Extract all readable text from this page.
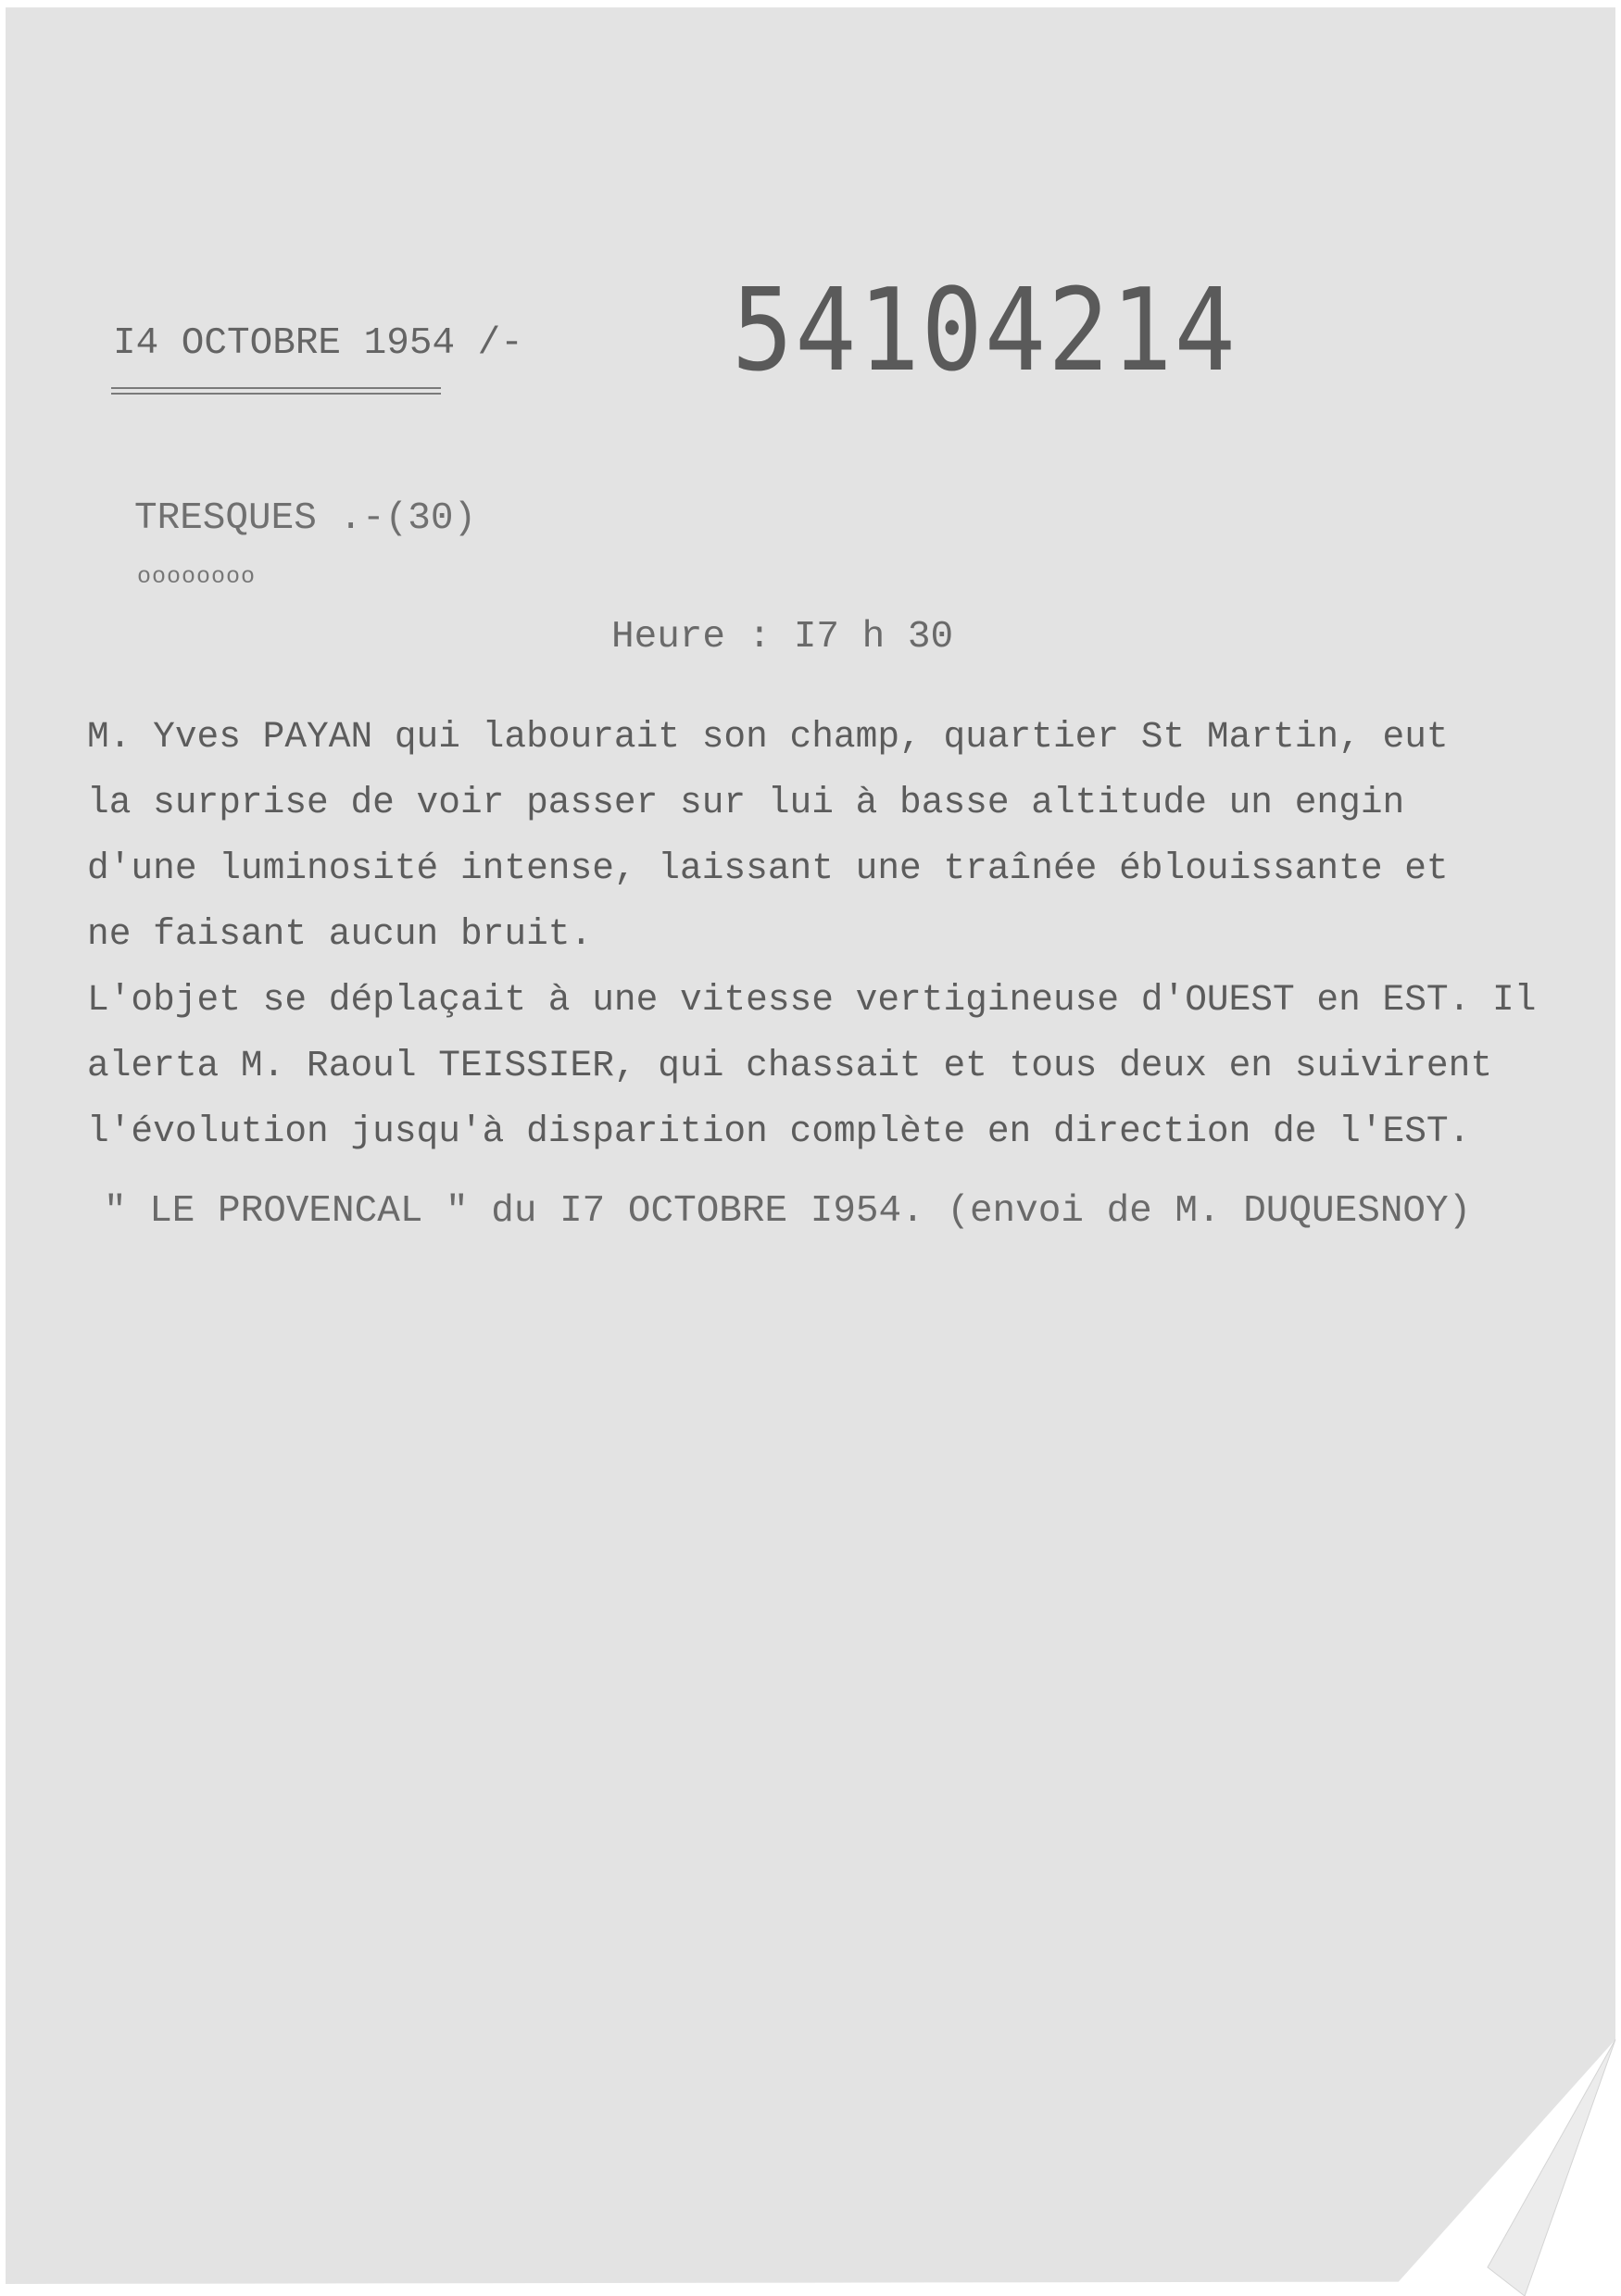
I4 OCTOBRE 1954 /- 54104214

TRESQUES .-(30)

oooooooo

Heure : I7 h 30

M. Yves PAYAN qui labourait son champ, quartier St Martin, eut
la surprise de voir passer sur lui à basse altitude un engin
d'une luminosité intense, laissant une traînée éblouissante et
ne faisant aucun bruit.
L'objet se déplaçait à une vitesse vertigineuse d'OUEST en EST. Il
alerta M. Raoul TEISSIER, qui chassait et tous deux en suivirent
l'évolution jusqu'à disparition complète en direction de l'EST.

" LE PROVENCAL " du I7 OCTOBRE I954. (envoi de M. DUQUESNOY)
